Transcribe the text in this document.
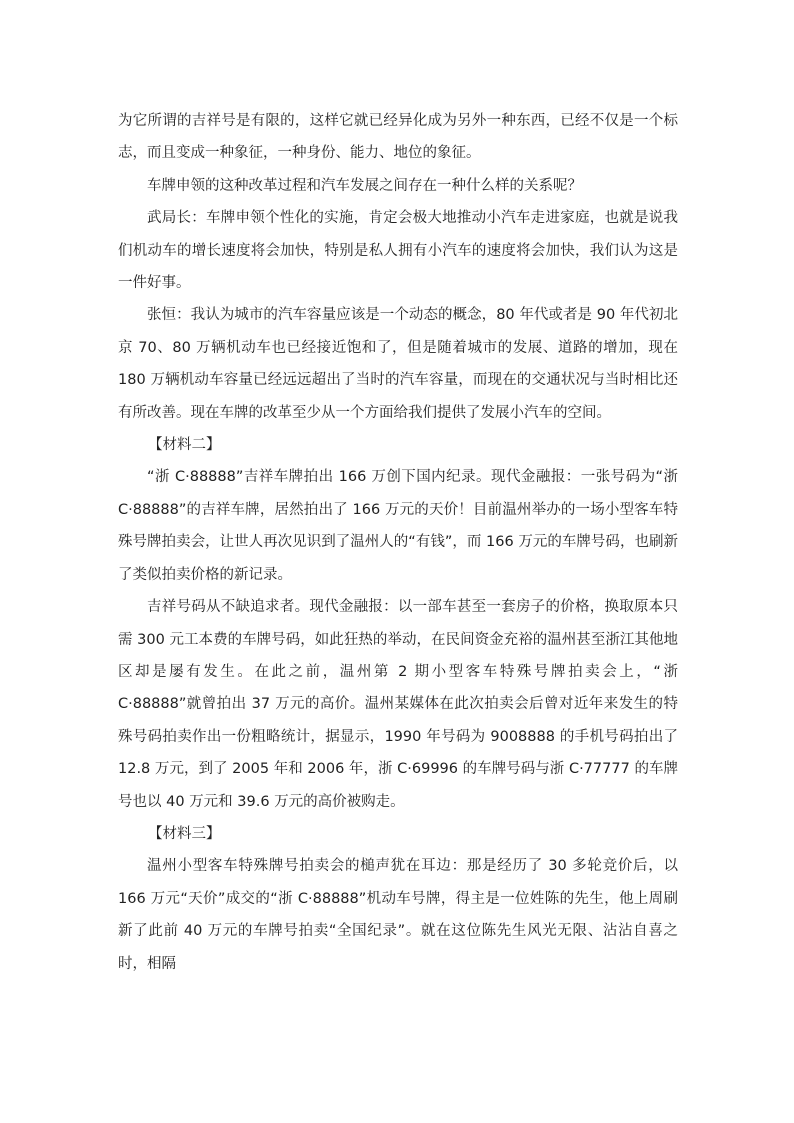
为它所谓的吉祥号是有限的，这样它就已经异化成为另外一种东西，已经不仅是一个标志，而且变成一种象征，一种身份、能力、地位的象征。

车牌申领的这种改革过程和汽车发展之间存在一种什么样的关系呢？

武局长：车牌申领个性化的实施，肯定会极大地推动小汽车走进家庭，也就是说我们机动车的增长速度将会加快，特别是私人拥有小汽车的速度将会加快，我们认为这是一件好事。

张恒：我认为城市的汽车容量应该是一个动态的概念，80 年代或者是 90 年代初北京 70、80 万辆机动车也已经接近饱和了，但是随着城市的发展、道路的增加，现在 180 万辆机动车容量已经远远超出了当时的汽车容量，而现在的交通状况与当时相比还有所改善。现在车牌的改革至少从一个方面给我们提供了发展小汽车的空间。

【材料二】

“浙 C·88888”吉祥车牌拍出 166 万创下国内纪录。现代金融报：一张号码为“浙 C·88888”的吉祥车牌，居然拍出了 166 万元的天价！目前温州举办的一场小型客车特殊号牌拍卖会，让世人再次见识到了温州人的“有钱”，而 166 万元的车牌号码，也刷新了类似拍卖价格的新记录。

吉祥号码从不缺追求者。现代金融报：以一部车甚至一套房子的价格，换取原本只需 300 元工本费的车牌号码，如此狂热的举动，在民间资金充裕的温州甚至浙江其他地区却是屡有发生。在此之前，温州第 2 期小型客车特殊号牌拍卖会上，“浙 C·88888”就曾拍出 37 万元的高价。温州某媒体在此次拍卖会后曾对近年来发生的特殊号码拍卖作出一份粗略统计，据显示，1990 年号码为 9008888 的手机号码拍出了 12.8 万元，到了 2005 年和 2006 年，浙 C·69996 的车牌号码与浙 C·77777 的车牌号也以 40 万元和 39.6 万元的高价被购走。

【材料三】

温州小型客车特殊牌号拍卖会的槌声犹在耳边：那是经历了 30 多轮竞价后，以 166 万元“天价”成交的“浙 C·88888”机动车号牌，得主是一位姓陈的先生，他上周刷新了此前 40 万元的车牌号拍卖“全国纪录”。就在这位陈先生风光无限、沾沾自喜之时，相隔
